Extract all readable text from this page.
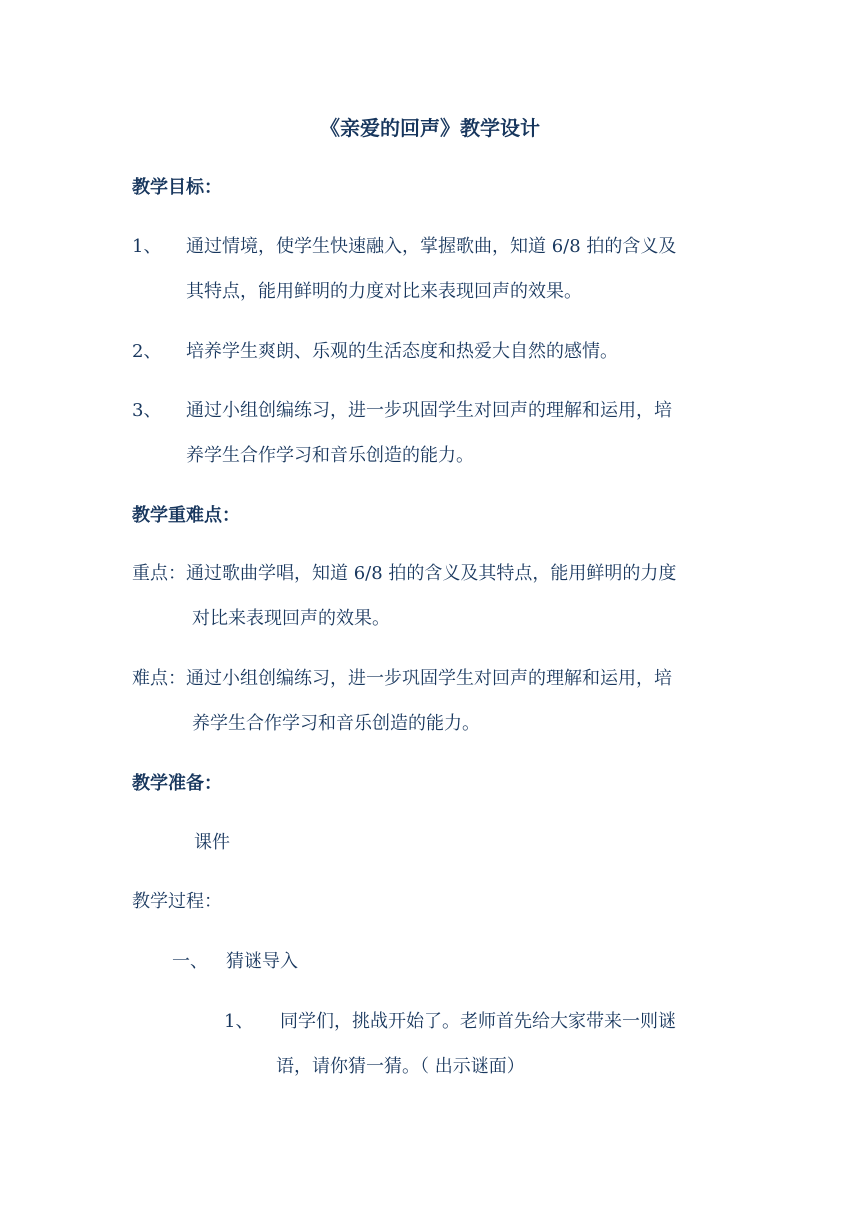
《亲爱的回声》教学设计
教学目标：
1、 通过情境，使学生快速融入，掌握歌曲，知道 6/8 拍的含义及
其特点，能用鲜明的力度对比来表现回声的效果。
2、 培养学生爽朗、乐观的生活态度和热爱大自然的感情。
3、 通过小组创编练习，进一步巩固学生对回声的理解和运用，培
养学生合作学习和音乐创造的能力。
教学重难点：
重点：通过歌曲学唱，知道 6/8 拍的含义及其特点，能用鲜明的力度
对比来表现回声的效果。
难点：通过小组创编练习，进一步巩固学生对回声的理解和运用，培
养学生合作学习和音乐创造的能力。
教学准备：
课件
教学过程：
一、 猜谜导入
1、 同学们，挑战开始了。老师首先给大家带来一则谜
语，请你猜一猜。（ 出示谜面）
